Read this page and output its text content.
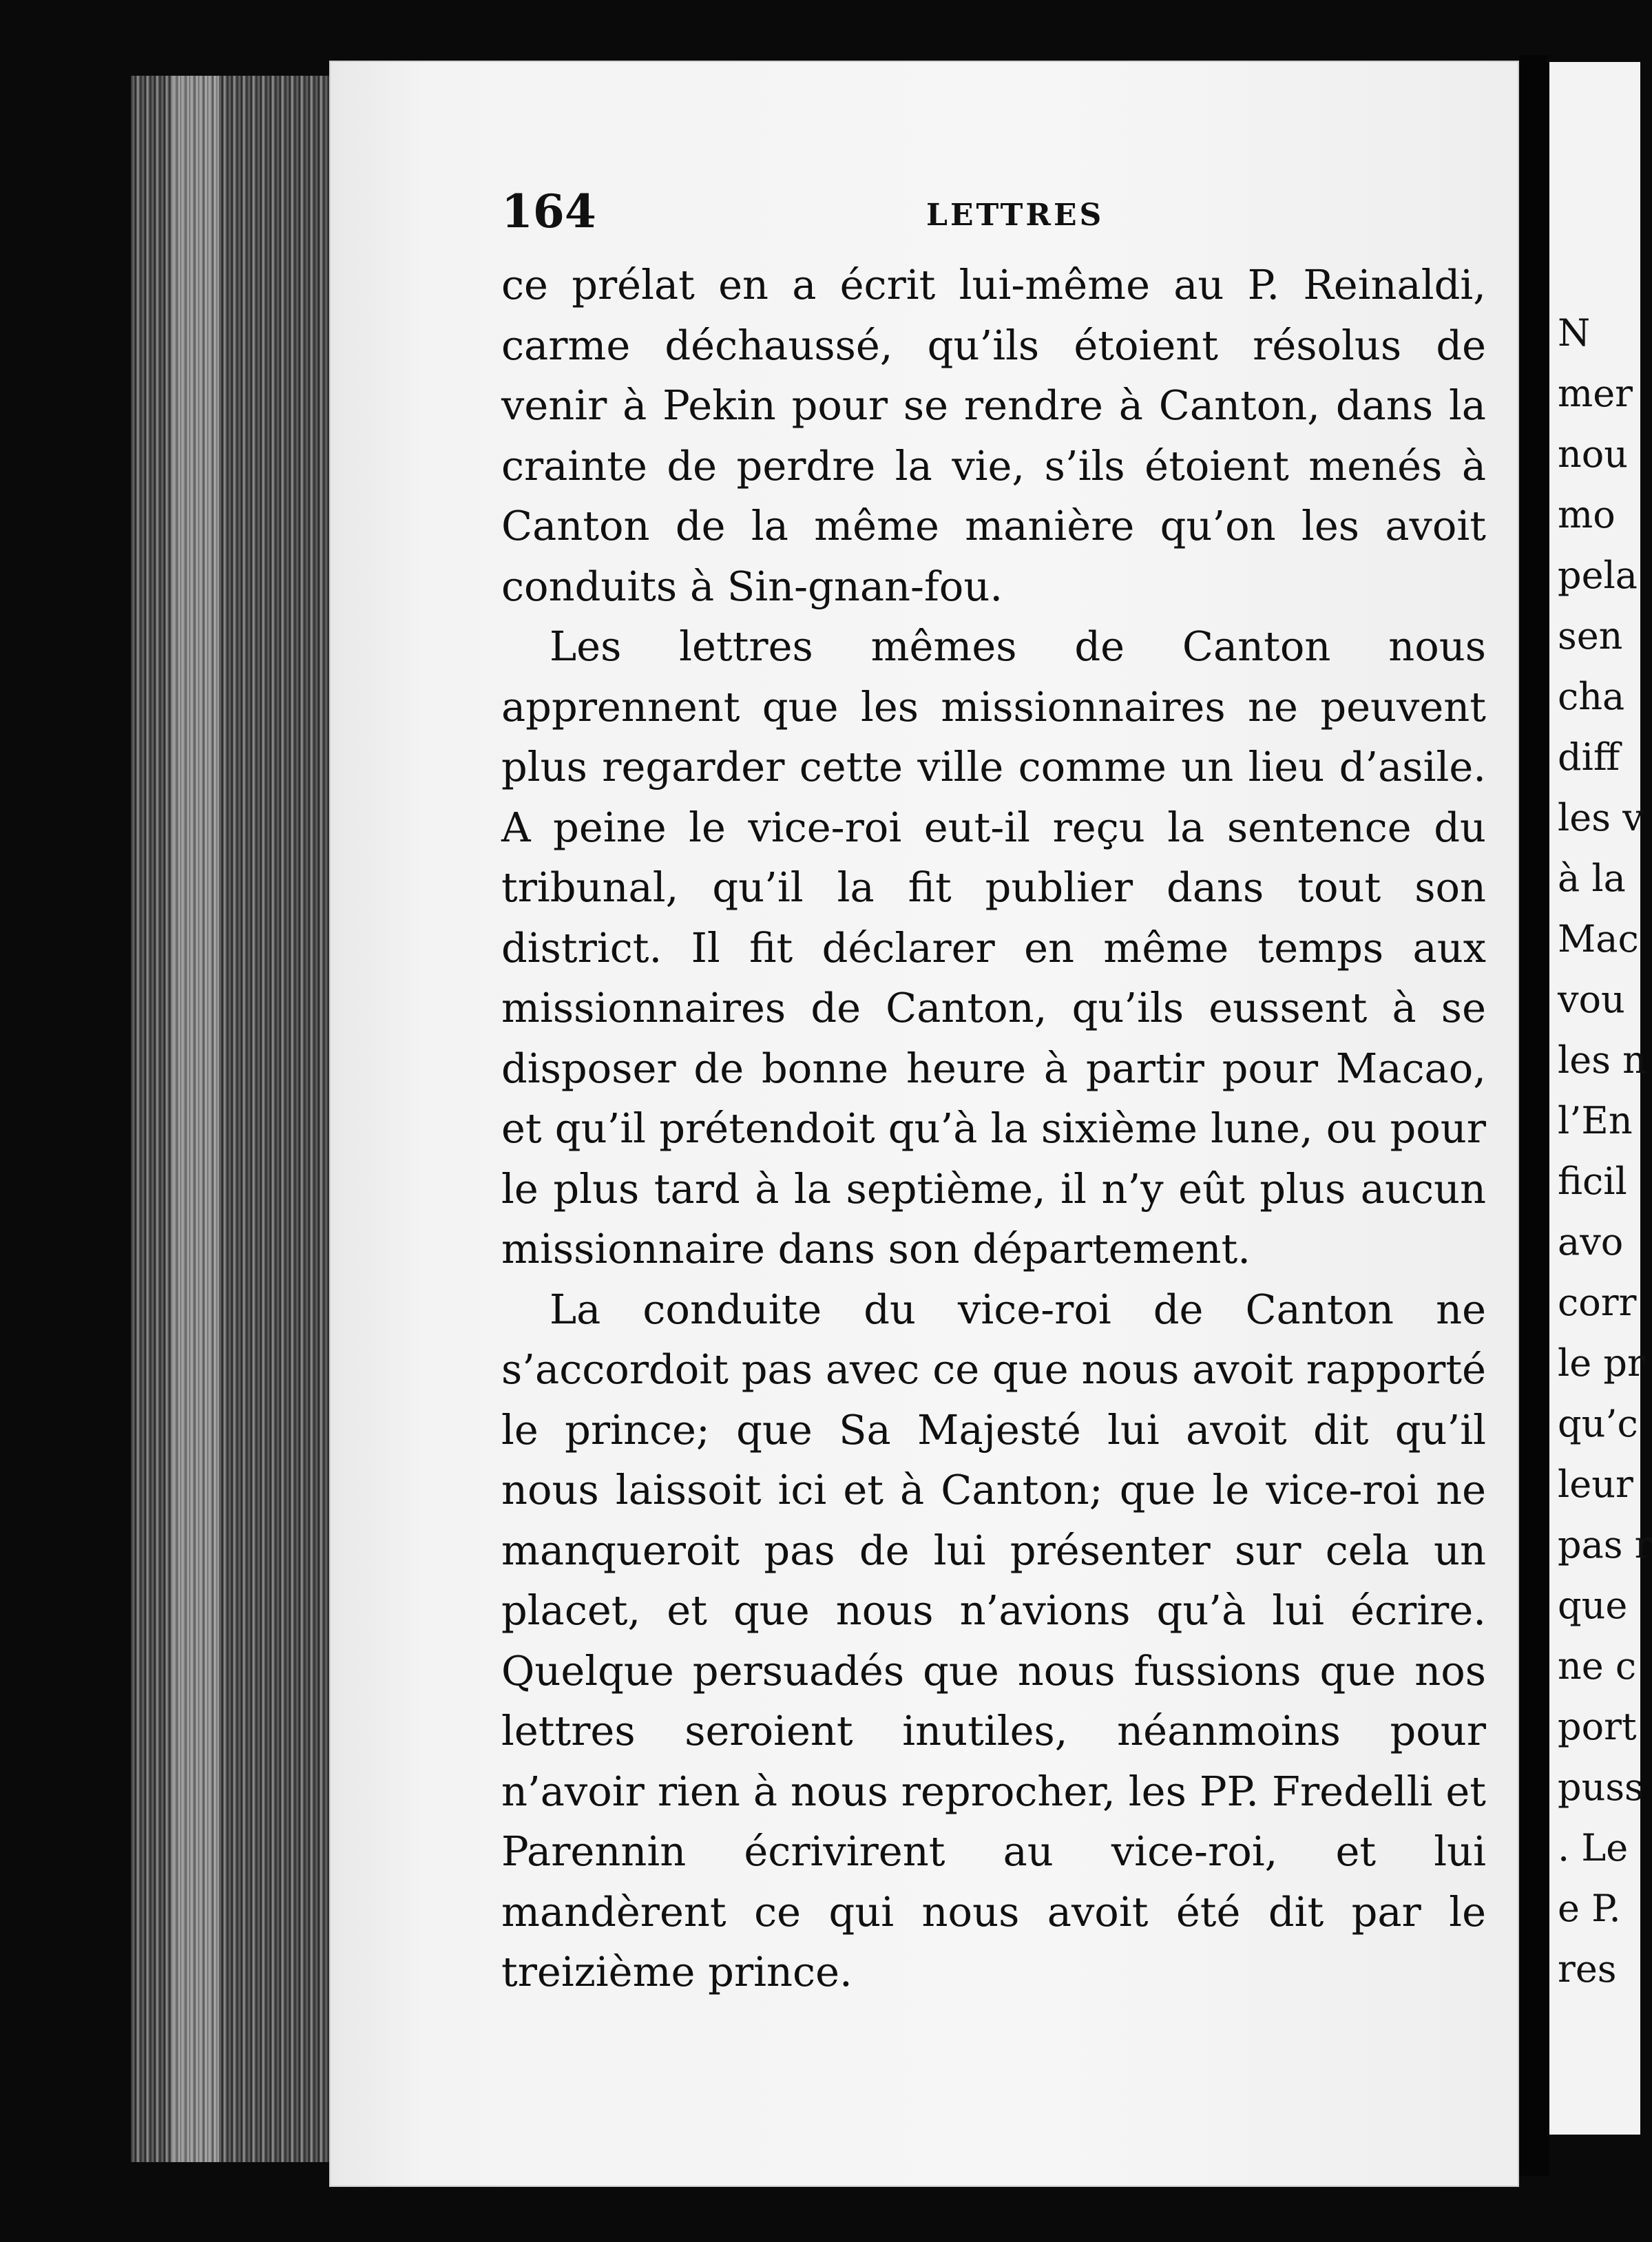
164	LETTRES

ce prélat en a écrit lui-même au P. Reinaldi, carme déchaussé, qu’ils étoient résolus de venir à Pekin pour se rendre à Canton, dans la crainte de perdre la vie, s’ils étoient menés à Canton de la même manière qu’on les avoit conduits à Sin-gnan-fou.

Les lettres mêmes de Canton nous apprennent que les missionnaires ne peuvent plus regarder cette ville comme un lieu d’asile. A peine le vice-roi eut-il reçu la sentence du tribunal, qu’il la fit publier dans tout son district. Il fit déclarer en même temps aux missionnaires de Canton, qu’ils eussent à se disposer de bonne heure à partir pour Macao, et qu’il prétendoit qu’à la sixième lune, ou pour le plus tard à la septième, il n’y eût plus aucun missionnaire dans son département.

La conduite du vice-roi de Canton ne s’accordoit pas avec ce que nous avoit rapporté le prince; que Sa Majesté lui avoit dit qu’il nous laissoit ici et à Canton; que le vice-roi ne manqueroit pas de lui présenter sur cela un placet, et que nous n’avions qu’à lui écrire. Quelque persuadés que nous fussions que nos lettres seroient inutiles, néanmoins pour n’avoir rien à nous reprocher, les PP. Fredelli et Parennin écrivirent au vice-roi, et lui mandèrent ce qui nous avoit été dit par le treizième prince.

N
mer
nou
mo
pela
sen
cha
diff
les v
à la
Mac
vou
les n
l’En
ficil
avo
corr
le pr
qu’c
leur
pas r
que
ne c
port
puss
. Le
e P.
res
